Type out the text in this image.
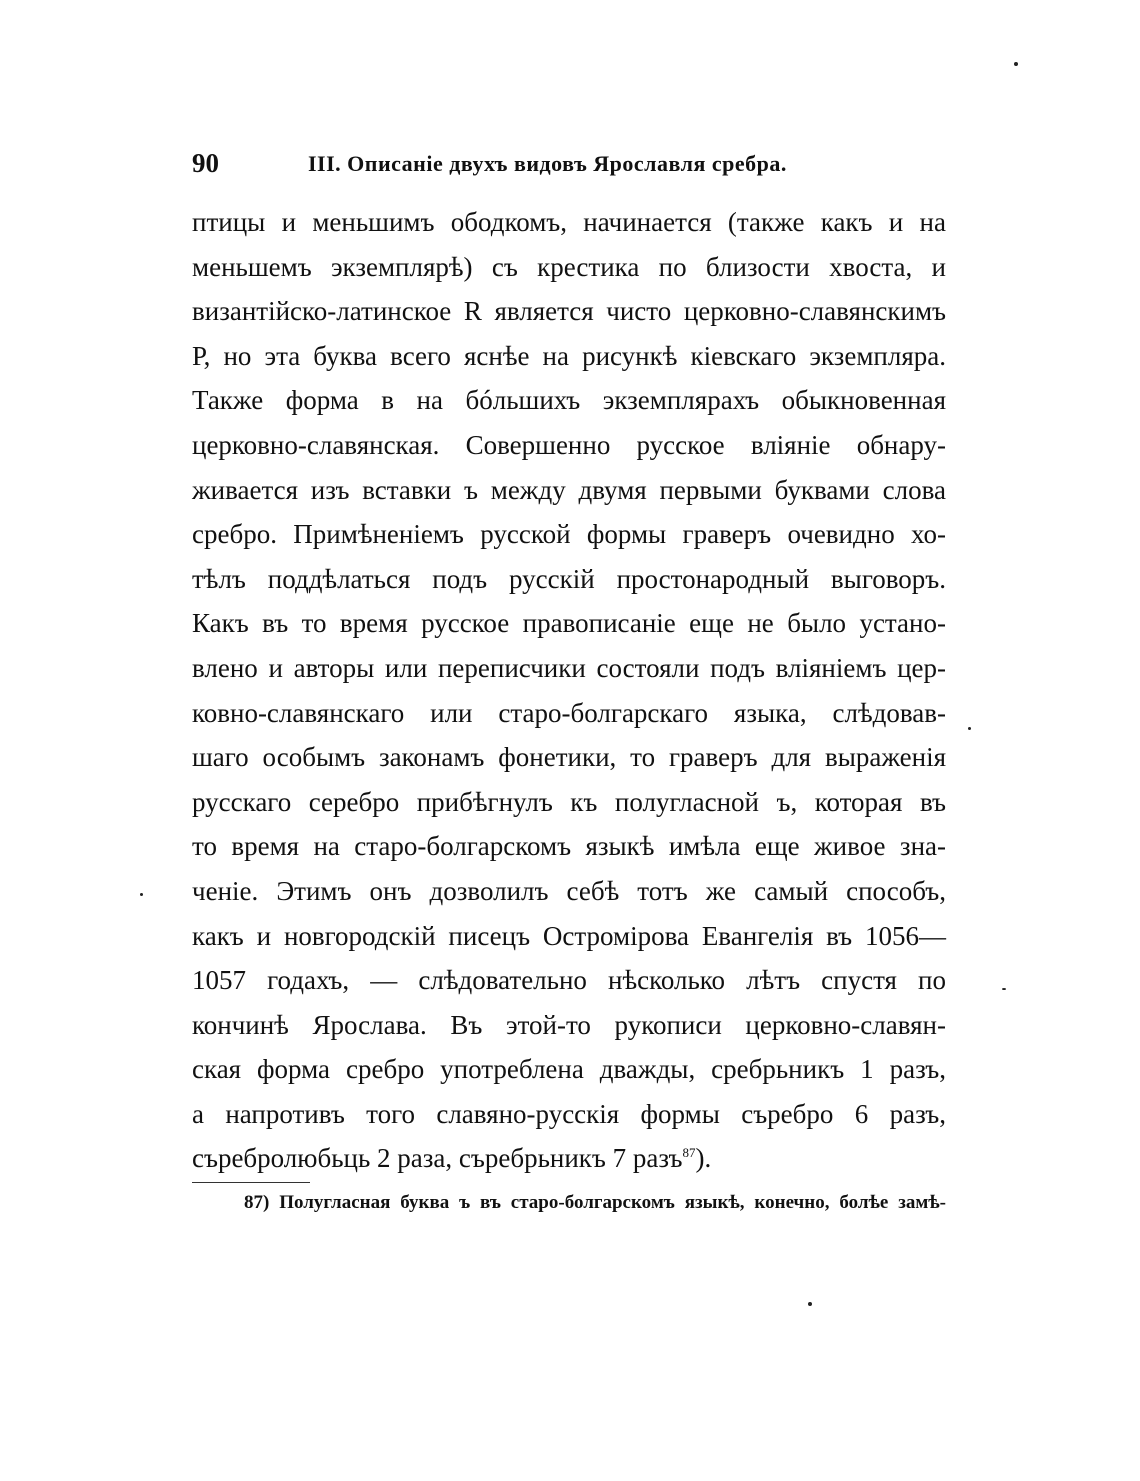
90	III. Описаніе двухъ видовъ Ярославля сребра.
птицы и меньшимъ ободкомъ, начинается (также какъ и на
меньшемъ экземплярѣ) съ крестика по близости хвоста, и
византійско-латинское R является чисто церковно-славянскимъ
Р, но эта буква всего яснѣе на рисункѣ кіевскаго экземпляра.
Также форма в на бóльшихъ экземплярахъ обыкновенная
церковно-славянская. Совершенно русское вліяніе обнару-
живается изъ вставки ъ между двумя первыми буквами слова
сребро. Примѣненіемъ русской формы граверъ очевидно хо-
тѣлъ поддѣлаться подъ русскій простонародный выговоръ.
Какъ въ то время русское правописаніе еще не было устано-
влено и авторы или переписчики состояли подъ вліяніемъ цер-
ковно-славянскаго или старо-болгарскаго языка, слѣдовав-
шаго особымъ законамъ фонетики, то граверъ для выраженія
русскаго серебро прибѣгнулъ къ полугласной ъ, которая въ
то время на старо-болгарскомъ языкѣ имѣла еще живое зна-
ченіе. Этимъ онъ дозволилъ себѣ тотъ же самый способъ,
какъ и новгородскій писецъ Остромірова Евангелія въ 1056—
1057 годахъ, — слѣдовательно нѣсколько лѣтъ спустя по
кончинѣ Ярослава. Въ этой-то рукописи церковно-славян-
ская форма сребро употреблена дважды, сребрьникъ 1 разъ,
а напротивъ того славяно-русскія формы съребро 6 разъ,
съребролюбьць 2 раза, съребрьникъ 7 разъ$^{87}$).
87) Полугласная буква ъ въ старо-болгарскомъ языкѣ, конечно, болѣе замѣ-
